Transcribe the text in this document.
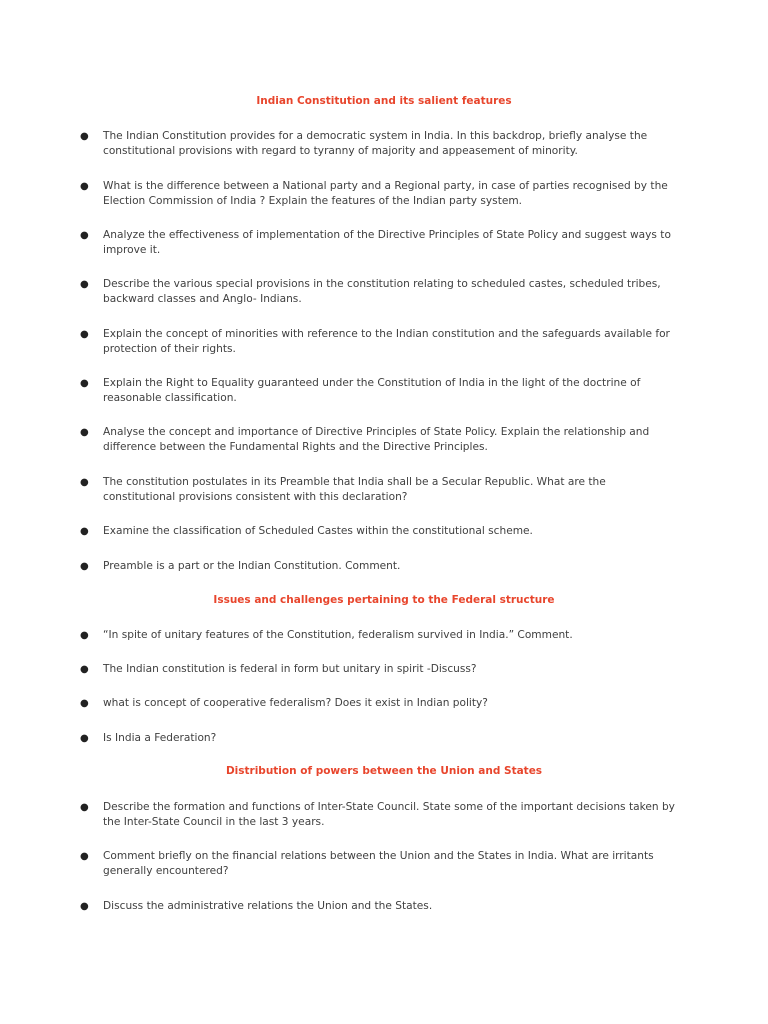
Indian Constitution and its salient features
● The Indian Constitution provides for a democratic system in India. In this backdrop, briefly analyse the constitutional provisions with regard to tyranny of majority and appeasement of minority.
● What is the difference between a National party and a Regional party, in case of parties recognised by the Election Commission of India ? Explain the features of the Indian party system.
● Analyze the effectiveness of implementation of the Directive Principles of State Policy and suggest ways to improve it.
● Describe the various special provisions in the constitution relating to scheduled castes, scheduled tribes, backward classes and Anglo- Indians.
● Explain the concept of minorities with reference to the Indian constitution and the safeguards available for protection of their rights.
● Explain the Right to Equality guaranteed under the Constitution of India in the light of the doctrine of reasonable classification.
● Analyse the concept and importance of Directive Principles of State Policy. Explain the relationship and difference between the Fundamental Rights and the Directive Principles.
● The constitution postulates in its Preamble that India shall be a Secular Republic. What are the constitutional provisions consistent with this declaration?
● Examine the classification of Scheduled Castes within the constitutional scheme.
● Preamble is a part or the Indian Constitution. Comment.
Issues and challenges pertaining to the Federal structure
● “In spite of unitary features of the Constitution, federalism survived in India.” Comment.
● The Indian constitution is federal in form but unitary in spirit -Discuss?
● what is concept of cooperative federalism? Does it exist in Indian polity?
● Is India a Federation?
Distribution of powers between the Union and States
● Describe the formation and functions of Inter-State Council. State some of the important decisions taken by the Inter-State Council in the last 3 years.
● Comment briefly on the financial relations between the Union and the States in India. What are irritants generally encountered?
● Discuss the administrative relations the Union and the States.
